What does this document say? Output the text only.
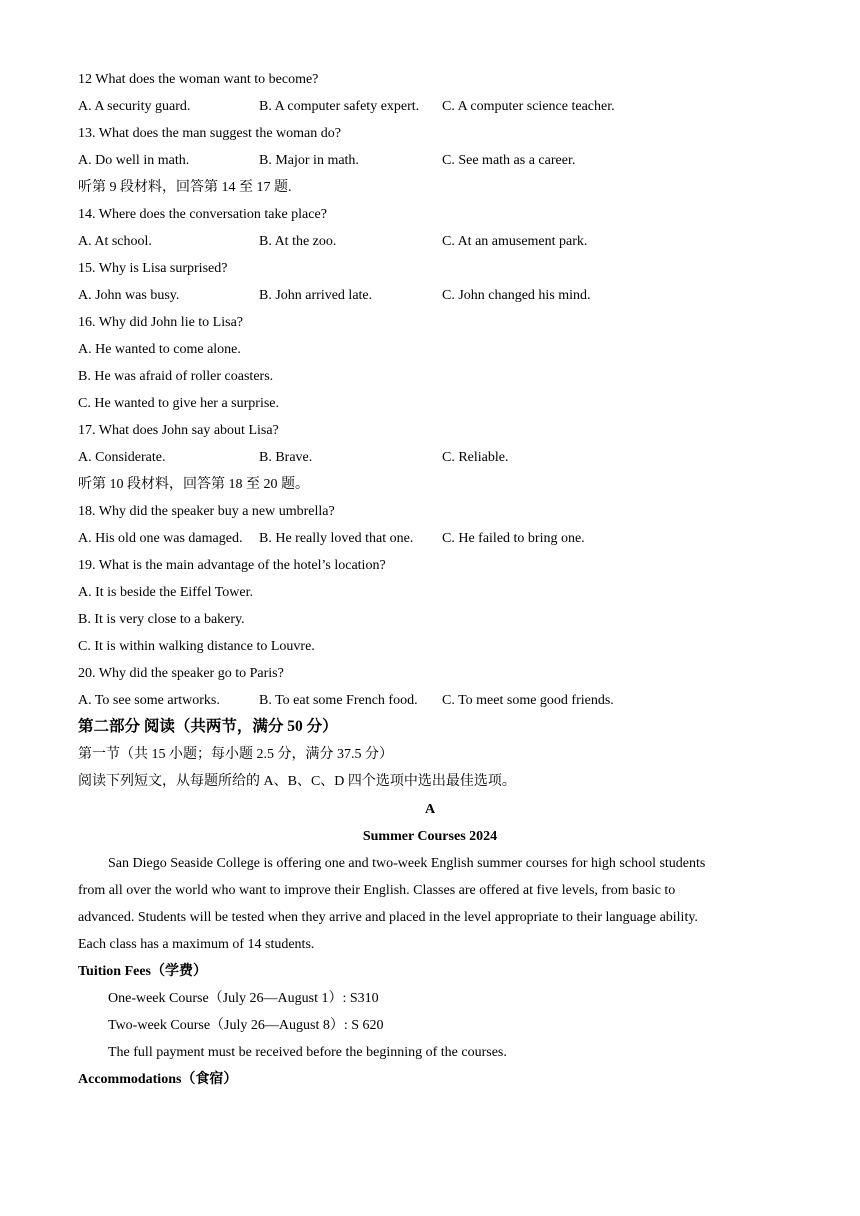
12 What does the woman want to become?
A. A security guard.	B. A computer safety expert. C. A computer science teacher.
13. What does the man suggest the woman do?
A. Do well in math.	B. Major in math.	C. See math as a career.
听第 9 段材料，回答第 14 至 17 题.
14. Where does the conversation take place?
A. At school.	B. At the zoo.	C. At an amusement park.
15. Why is Lisa surprised?
A. John was busy.	B. John arrived late.	C. John changed his mind.
16. Why did John lie to Lisa?
A. He wanted to come alone.
B. He was afraid of roller coasters.
C. He wanted to give her a surprise.
17. What does John say about Lisa?
A. Considerate.	B. Brave.	C. Reliable.
听第 10 段材料，回答第 18 至 20 题。
18. Why did the speaker buy a new umbrella?
A. His old one was damaged. B. He really loved that one. C. He failed to bring one.
19. What is the main advantage of the hotel’s location?
A. It is beside the Eiffel Tower.
B. It is very close to a bakery.
C. It is within walking distance to Louvre.
20. Why did the speaker go to Paris?
A. To see some artworks.	B. To eat some French food. C. To meet some good friends.
第二部分 阅读（共两节，满分 50 分）
第一节（共 15 小题；每小题 2.5 分，满分 37.5 分）
阅读下列短文，从每题所给的 A、B、C、D 四个选项中选出最佳选项。
A
Summer Courses 2024
San Diego Seaside College is offering one and two-week English summer courses for high school students
from all over the world who want to improve their English. Classes are offered at five levels, from basic to
advanced. Students will be tested when they arrive and placed in the level appropriate to their language ability.
Each class has a maximum of 14 students.
Tuition Fees（学费）
One-week Course（July 26—August 1）: S310
Two-week Course（July 26—August 8）: S 620
The full payment must be received before the beginning of the courses.
Accommodations（食宿）
